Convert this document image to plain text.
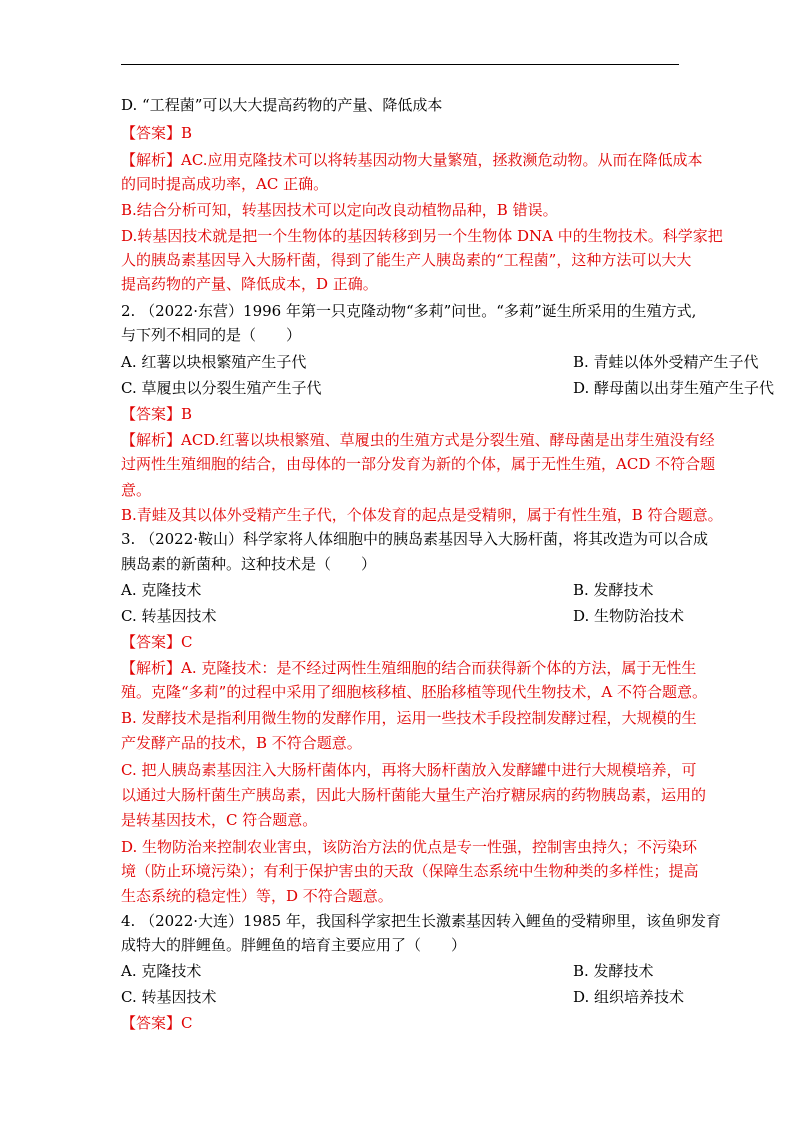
D. “工程菌”可以大大提高药物的产量、降低成本
【答案】B
【解析】AC.应用克隆技术可以将转基因动物大量繁殖，拯救濒危动物。从而在降低成本
的同时提高成功率，AC 正确。
B.结合分析可知，转基因技术可以定向改良动植物品种，B 错误。
D.转基因技术就是把一个生物体的基因转移到另一个生物体 DNA 中的生物技术。科学家把
人的胰岛素基因导入大肠杆菌，得到了能生产人胰岛素的“工程菌”，这种方法可以大大
提高药物的产量、降低成本，D 正确。
2. （2022·东营）1996 年第一只克隆动物“多莉”问世。“多莉”诞生所采用的生殖方式,
与下列不相同的是（　　）
A. 红薯以块根繁殖产生子代	B. 青蛙以体外受精产生子代
C. 草履虫以分裂生殖产生子代	D. 酵母菌以出芽生殖产生子代
【答案】B
【解析】ACD.红薯以块根繁殖、草履虫的生殖方式是分裂生殖、酵母菌是出芽生殖没有经
过两性生殖细胞的结合，由母体的一部分发育为新的个体，属于无性生殖，ACD 不符合题
意。
B.青蛙及其以体外受精产生子代，个体发育的起点是受精卵，属于有性生殖，B 符合题意。
3. （2022·鞍山）科学家将人体细胞中的胰岛素基因导入大肠杆菌，将其改造为可以合成
胰岛素的新菌种。这种技术是（　　）
A. 克隆技术	B. 发酵技术
C. 转基因技术	D. 生物防治技术
【答案】C
【解析】A. 克隆技术：是不经过两性生殖细胞的结合而获得新个体的方法，属于无性生
殖。克隆“多莉”的过程中采用了细胞核移植、胚胎移植等现代生物技术，A 不符合题意。
B. 发酵技术是指利用微生物的发酵作用，运用一些技术手段控制发酵过程，大规模的生
产发酵产品的技术，B 不符合题意。
C. 把人胰岛素基因注入大肠杆菌体内，再将大肠杆菌放入发酵罐中进行大规模培养，可
以通过大肠杆菌生产胰岛素，因此大肠杆菌能大量生产治疗糖尿病的药物胰岛素，运用的
是转基因技术，C 符合题意。
D. 生物防治来控制农业害虫，该防治方法的优点是专一性强，控制害虫持久；不污染环
境（防止环境污染）；有利于保护害虫的天敌（保障生态系统中生物种类的多样性；提高
生态系统的稳定性）等，D 不符合题意。
4. （2022·大连）1985 年，我国科学家把生长激素基因转入鲤鱼的受精卵里，该鱼卵发育
成特大的胖鲤鱼。胖鲤鱼的培育主要应用了（　　）
A. 克隆技术	B. 发酵技术
C. 转基因技术	D. 组织培养技术
【答案】C
